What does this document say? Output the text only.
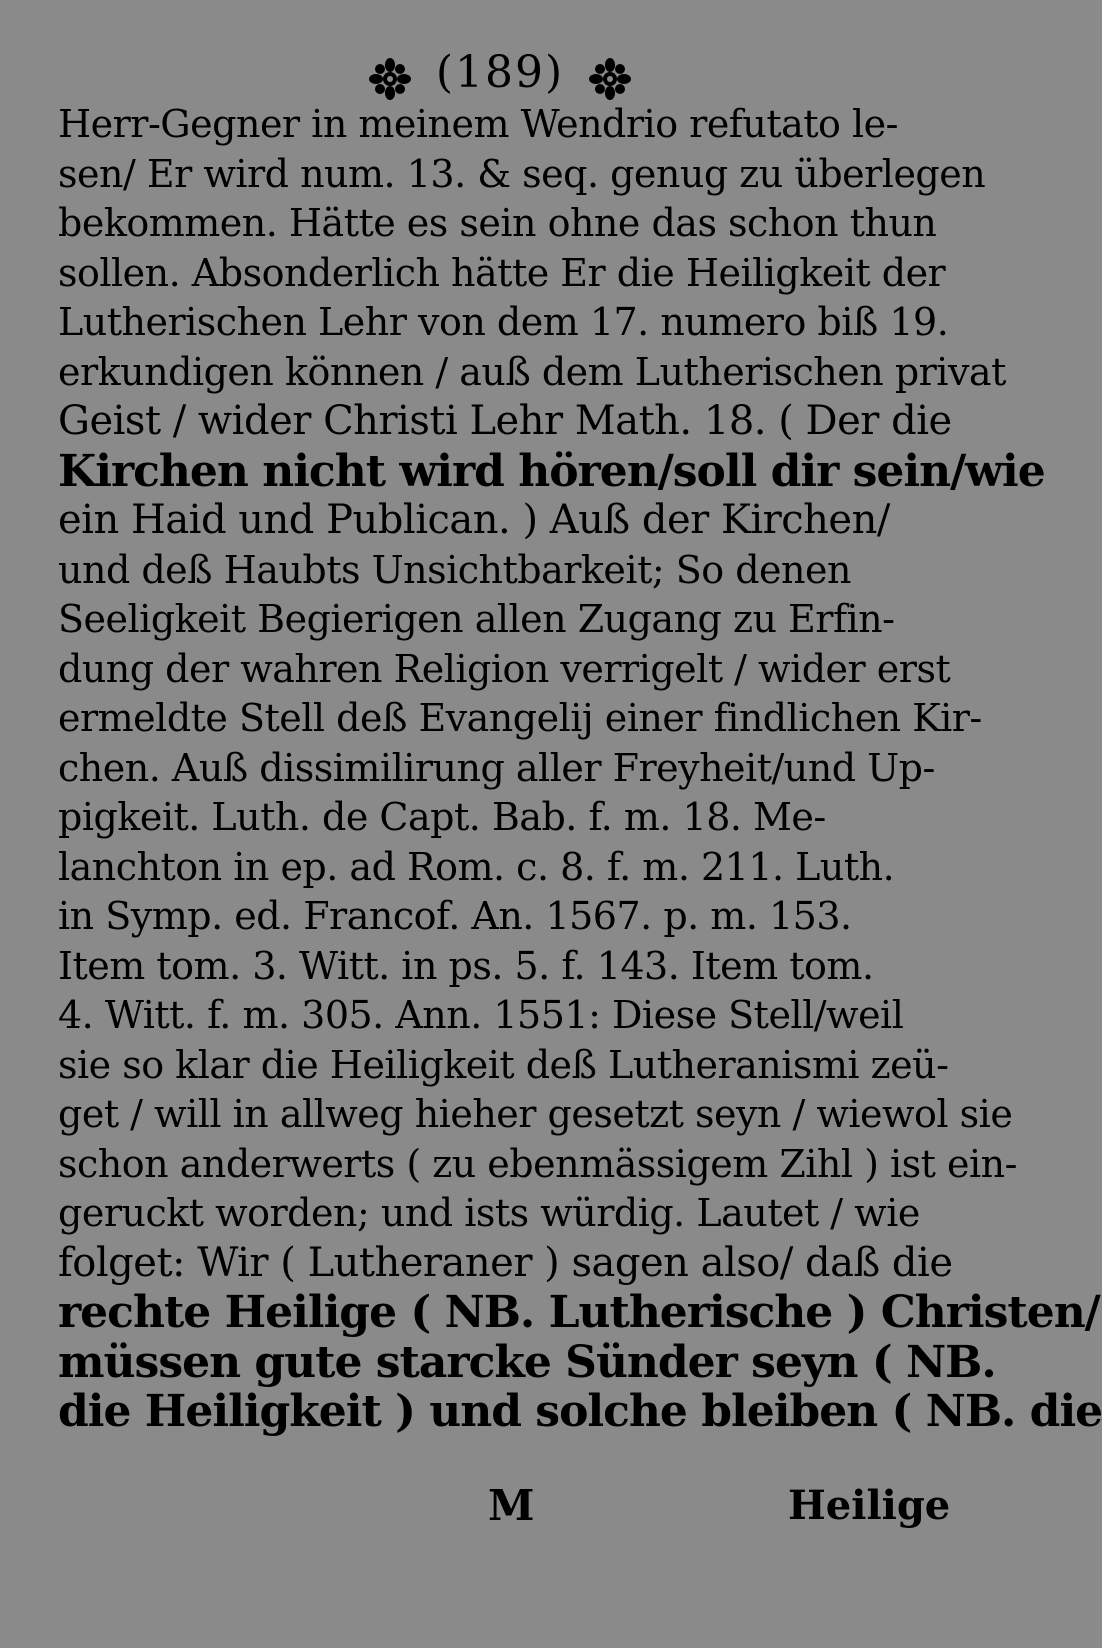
(189)
Herr-Gegner in meinem Wendrio refutato le-
sen/ Er wird num. 13. & seq. genug zu überlegen
bekommen. Hätte es sein ohne das schon thun
sollen. Absonderlich hätte Er die Heiligkeit der
Lutherischen Lehr von dem 17. numero biß 19.
erkundigen können / auß dem Lutherischen privat
Geist / wider Christi Lehr Math. 18. ( Der die
Kirchen nicht wird hören/soll dir sein/wie
ein Haid und Publican. ) Auß der Kirchen/
und deß Haubts Unsichtbarkeit; So denen
Seeligkeit Begierigen allen Zugang zu Erfin-
dung der wahren Religion verrigelt / wider erst
ermeldte Stell deß Evangelij einer findlichen Kir-
chen. Auß dissimilirung aller Freyheit/und Up-
pigkeit. Luth. de Capt. Bab. f. m. 18. Me-
lanchton in ep. ad Rom. c. 8. f. m. 211. Luth.
in Symp. ed. Francof. An. 1567. p. m. 153.
Item tom. 3. Witt. in ps. 5. f. 143. Item tom.
4. Witt. f. m. 305. Ann. 1551: Diese Stell/weil
sie so klar die Heiligkeit deß Lutheranismi zeü-
get / will in allweg hieher gesetzt seyn / wiewol sie
schon anderwerts ( zu ebenmässigem Zihl ) ist ein-
geruckt worden; und ists würdig. Lautet / wie
folget: Wir ( Lutheraner ) sagen also/ daß die
rechte Heilige ( NB. Lutherische ) Christen/
müssen gute starcke Sünder seyn ( NB.
die Heiligkeit ) und solche bleiben ( NB. die
M	Heilige
